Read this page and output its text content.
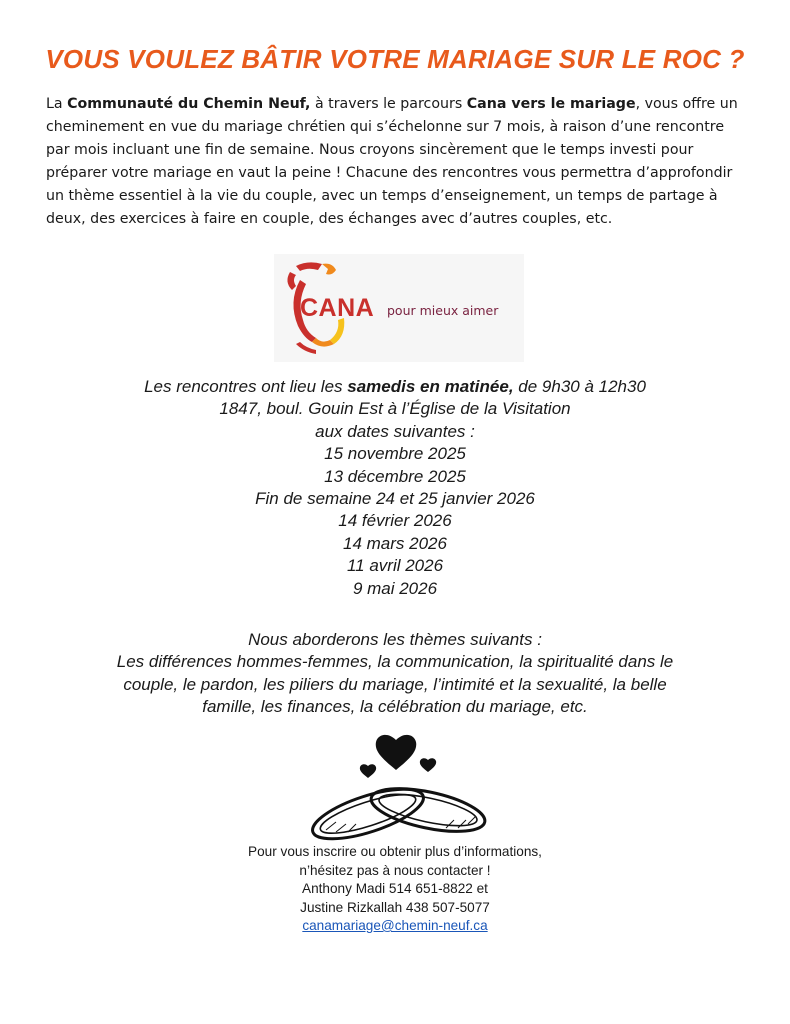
VOUS VOULEZ BÂTIR VOTRE MARIAGE SUR LE ROC ?
La Communauté du Chemin Neuf, à travers le parcours Cana vers le mariage, vous offre un cheminement en vue du mariage chrétien qui s’échelonne sur 7 mois, à raison d’une rencontre par mois incluant une fin de semaine. Nous croyons sincèrement que le temps investi pour préparer votre mariage en vaut la peine ! Chacune des rencontres vous permettra d’approfondir un thème essentiel à la vie du couple, avec un temps d’enseignement, un temps de partage à deux, des exercices à faire en couple, des échanges avec d’autres couples, etc.
CANA pour mieux aimer
Les rencontres ont lieu les samedis en matinée, de 9h30 à 12h30
1847, boul. Gouin Est à l’Église de la Visitation
aux dates suivantes :
15 novembre 2025
13 décembre 2025
Fin de semaine 24 et 25 janvier 2026
14 février 2026
14 mars 2026
11 avril 2026
9 mai 2026
Nous aborderons les thèmes suivants :
Les différences hommes-femmes, la communication, la spiritualité dans le
couple, le pardon, les piliers du mariage, l’intimité et la sexualité, la belle
famille, les finances, la célébration du mariage, etc.
Pour vous inscrire ou obtenir plus d’informations,
n’hésitez pas à nous contacter !
Anthony Madi 514 651-8822 et
Justine Rizkallah 438 507-5077
canamariage@chemin-neuf.ca
